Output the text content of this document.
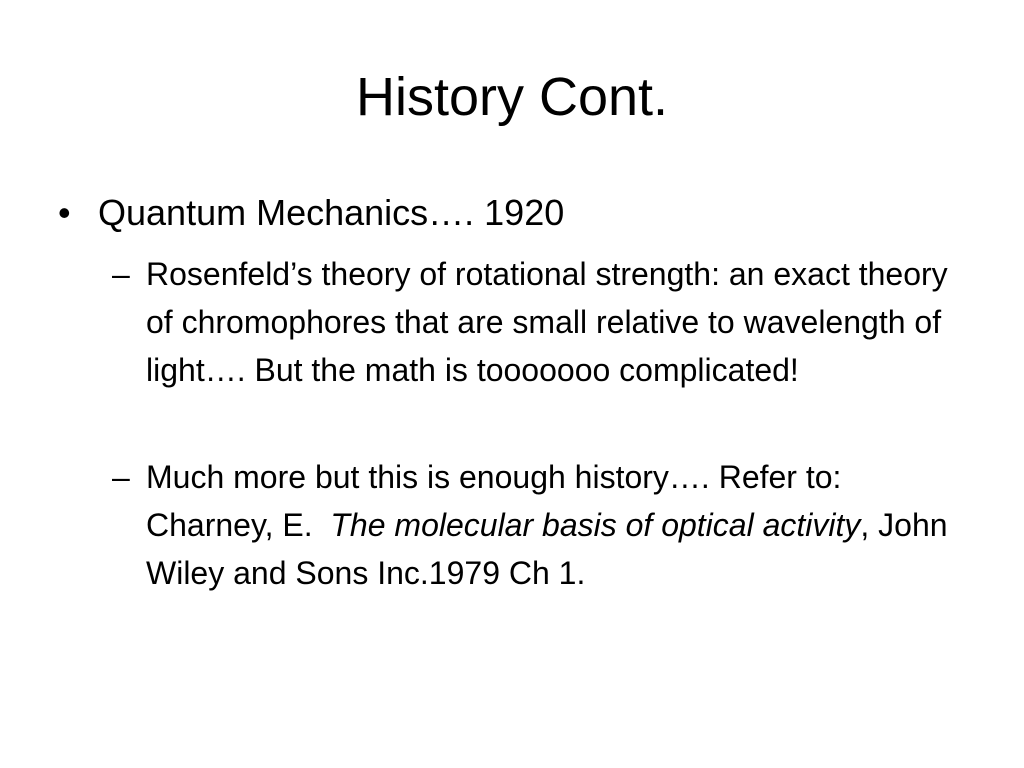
History Cont.
• Quantum Mechanics…. 1920
– Rosenfeld’s theory of rotational strength: an exact theory of chromophores that are small relative to wavelength of light…. But the math is tooooooo complicated!
– Much more but this is enough history…. Refer to: Charney, E.  The molecular basis of optical activity, John Wiley and Sons Inc.1979 Ch 1.
